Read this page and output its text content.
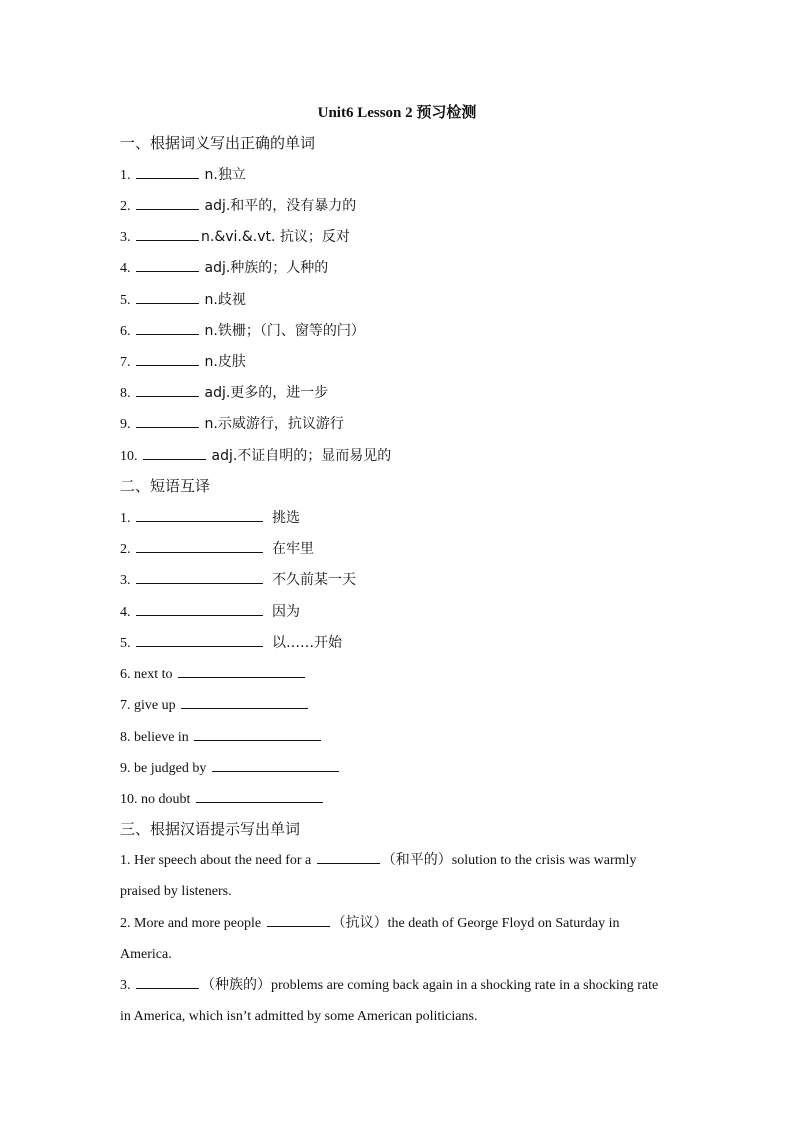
Unit6 Lesson 2 预习检测
一、根据词义写出正确的单词
1.	n.独立
2.	adj.和平的，没有暴力的
3.	n.&vi.&.vt. 抗议；反对
4.	adj.种族的；人种的
5.	n.歧视
6.	n.铁栅；（门、窗等的闩）
7.	n.皮肤
8.	adj.更多的，进一步
9.	n.示威游行，抗议游行
10.	adj.不证自明的；显而易见的
二、短语互译
1.	挑选
2.	在牢里
3.	不久前某一天
4.	因为
5.	以……开始
6. next to
7. give up
8. believe in
9. be judged by
10. no doubt
三、根据汉语提示写出单词
1. Her speech about the need for a	（和平的）solution to the crisis was warmly praised by listeners.
2. More and more people	（抗议）the death of George Floyd on Saturday in America.
3.	（种族的）problems are coming back again in a shocking rate in a shocking rate in America, which isn’t admitted by some American politicians.
